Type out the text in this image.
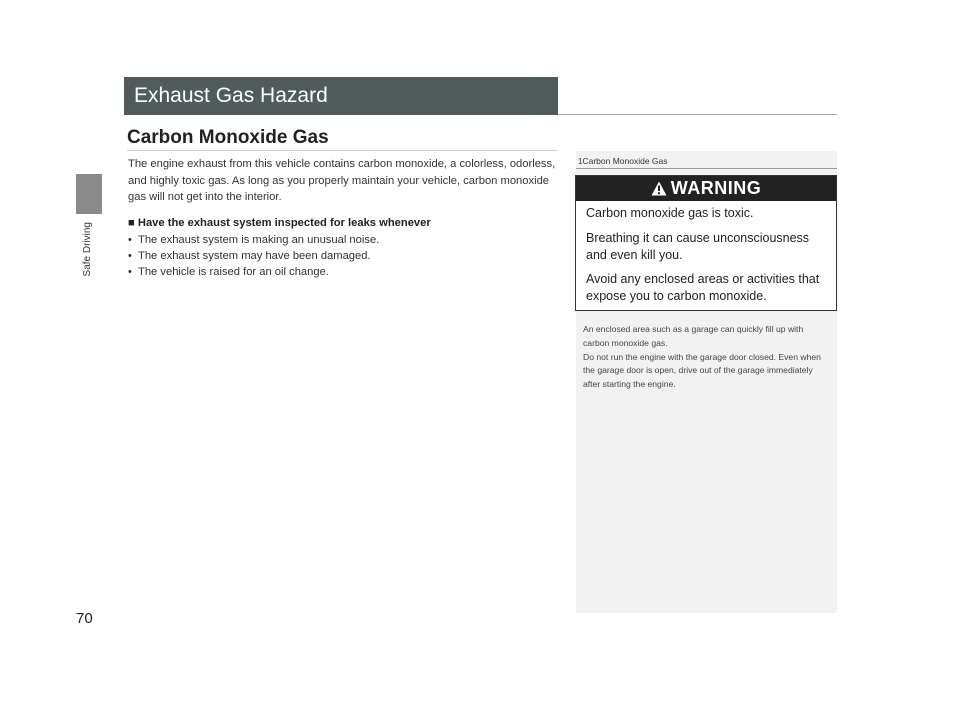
Safe Driving
70
Exhaust Gas Hazard
Carbon Monoxide Gas
The engine exhaust from this vehicle contains carbon monoxide, a colorless, odorless, and highly toxic gas. As long as you properly maintain your vehicle, carbon monoxide gas will not get into the interior.
■ Have the exhaust system inspected for leaks whenever
• The exhaust system is making an unusual noise.
• The exhaust system may have been damaged.
• The vehicle is raised for an oil change.
1Carbon Monoxide Gas
WARNING
Carbon monoxide gas is toxic.
Breathing it can cause unconsciousness and even kill you.
Avoid any enclosed areas or activities that expose you to carbon monoxide.
An enclosed area such as a garage can quickly fill up with carbon monoxide gas.
Do not run the engine with the garage door closed. Even when the garage door is open, drive out of the garage immediately after starting the engine.
